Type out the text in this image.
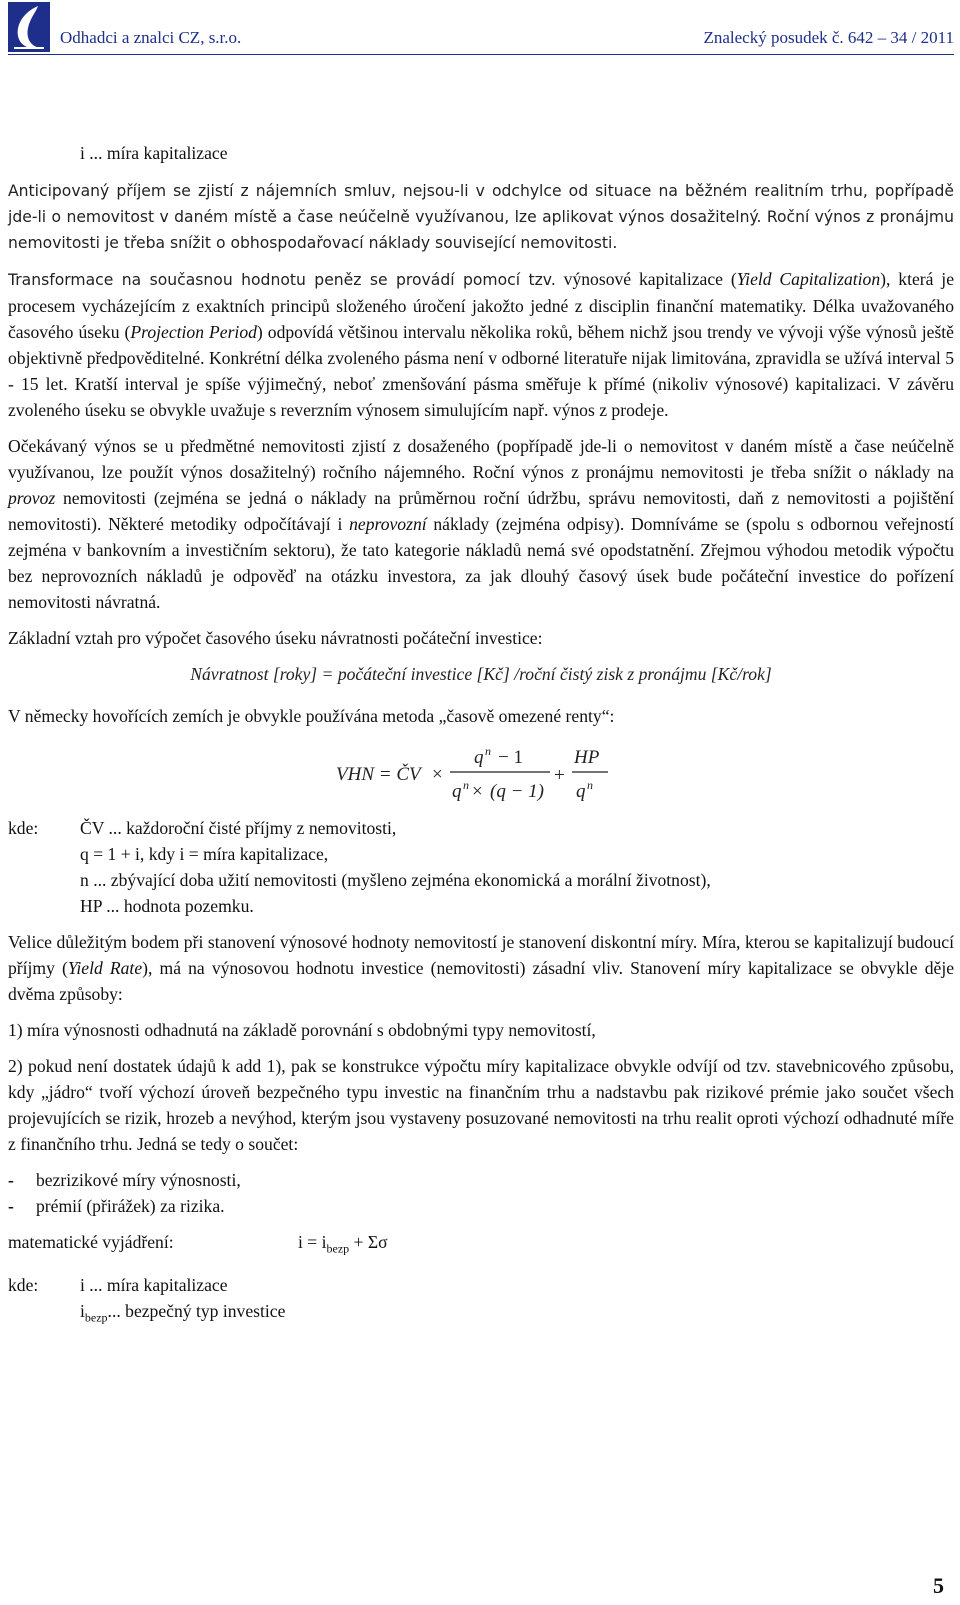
Odhadci a znalci CZ, s.r.o.	Znalecký posudek č. 642 – 34 / 2011

i ... míra kapitalizace

Anticipovaný příjem se zjistí z nájemních smluv, nejsou-li v odchylce od situace na běžném realitním trhu, popřípadě jde-li o nemovitost v daném místě a čase neúčelně využívanou, lze aplikovat výnos dosažitelný. Roční výnos z pronájmu nemovitosti je třeba snížit o obhospodařovací náklady související nemovitosti.

Transformace na současnou hodnotu peněz se provádí pomocí tzv. výnosové kapitalizace (Yield Capitalization), která je procesem vycházejícím z exaktních principů složeného úročení jakožto jedné z disciplin finanční matematiky. Délka uvažovaného časového úseku (Projection Period) odpovídá většinou intervalu několika roků, během nichž jsou trendy ve vývoji výše výnosů ještě objektivně předpověditelné. Konkrétní délka zvoleného pásma není v odborné literatuře nijak limitována, zpravidla se užívá interval 5 - 15 let. Kratší interval je spíše výjimečný, neboť zmenšování pásma směřuje k přímé (nikoliv výnosové) kapitalizaci. V závěru zvoleného úseku se obvykle uvažuje s reverzním výnosem simulujícím např. výnos z prodeje.

Očekávaný výnos se u předmětné nemovitosti zjistí z dosaženého (popřípadě jde-li o nemovitost v daném místě a čase neúčelně využívanou, lze použít výnos dosažitelný) ročního nájemného. Roční výnos z pronájmu nemovitosti je třeba snížit o náklady na provoz nemovitosti (zejména se jedná o náklady na průměrnou roční údržbu, správu nemovitosti, daň z nemovitosti a pojištění nemovitosti). Některé metodiky odpočítávají i neprovozní náklady (zejména odpisy). Domníváme se (spolu s odbornou veřejností zejména v bankovním a investičním sektoru), že tato kategorie nákladů nemá své opodstatnění. Zřejmou výhodou metodik výpočtu bez neprovozních nákladů je odpověď na otázku investora, za jak dlouhý časový úsek bude počáteční investice do pořízení nemovitosti návratná.

Základní vztah pro výpočet časového úseku návratnosti počáteční investice:

Návratnost [roky] = počáteční investice [Kč] /roční čistý zisk z pronájmu [Kč/rok]

V německy hovořících zemích je obvykle používána metoda „časově omezené renty“:

VHN = ČV ×
q n − 1
q n × (q − 1)
+
HP
q n
kde:	ČV ... každoroční čisté příjmy z nemovitosti,
q = 1 + i, kdy i = míra kapitalizace,
n ... zbývající doba užití nemovitosti (myšleno zejména ekonomická a morální životnost),
HP ... hodnota pozemku.

Velice důležitým bodem při stanovení výnosové hodnoty nemovitostí je stanovení diskontní míry. Míra, kterou se kapitalizují budoucí příjmy (Yield Rate), má na výnosovou hodnotu investice (nemovitosti) zásadní vliv. Stanovení míry kapitalizace se obvykle děje dvěma způsoby:

1) míra výnosnosti odhadnutá na základě porovnání s obdobnými typy nemovitostí,

2) pokud není dostatek údajů k add 1), pak se konstrukce výpočtu míry kapitalizace obvykle odvíjí od tzv. stavebnicového způsobu, kdy „jádro“ tvoří výchozí úroveň bezpečného typu investic na finančním trhu a nadstavbu pak rizikové prémie jako součet všech projevujících se rizik, hrozeb a nevýhod, kterým jsou vystaveny posuzované nemovitosti na trhu realit oproti výchozí odhadnuté míře z finančního trhu. Jedná se tedy o součet:

-	bezrizikové míry výnosnosti,
-	prémií (přirážek) za rizika.
matematické vyjádření:	$i = i_{bezp} + \Sigma\sigma$
kde:	i ... míra kapitalizace
$i_{bezp}$... bezpečný typ investice
5
